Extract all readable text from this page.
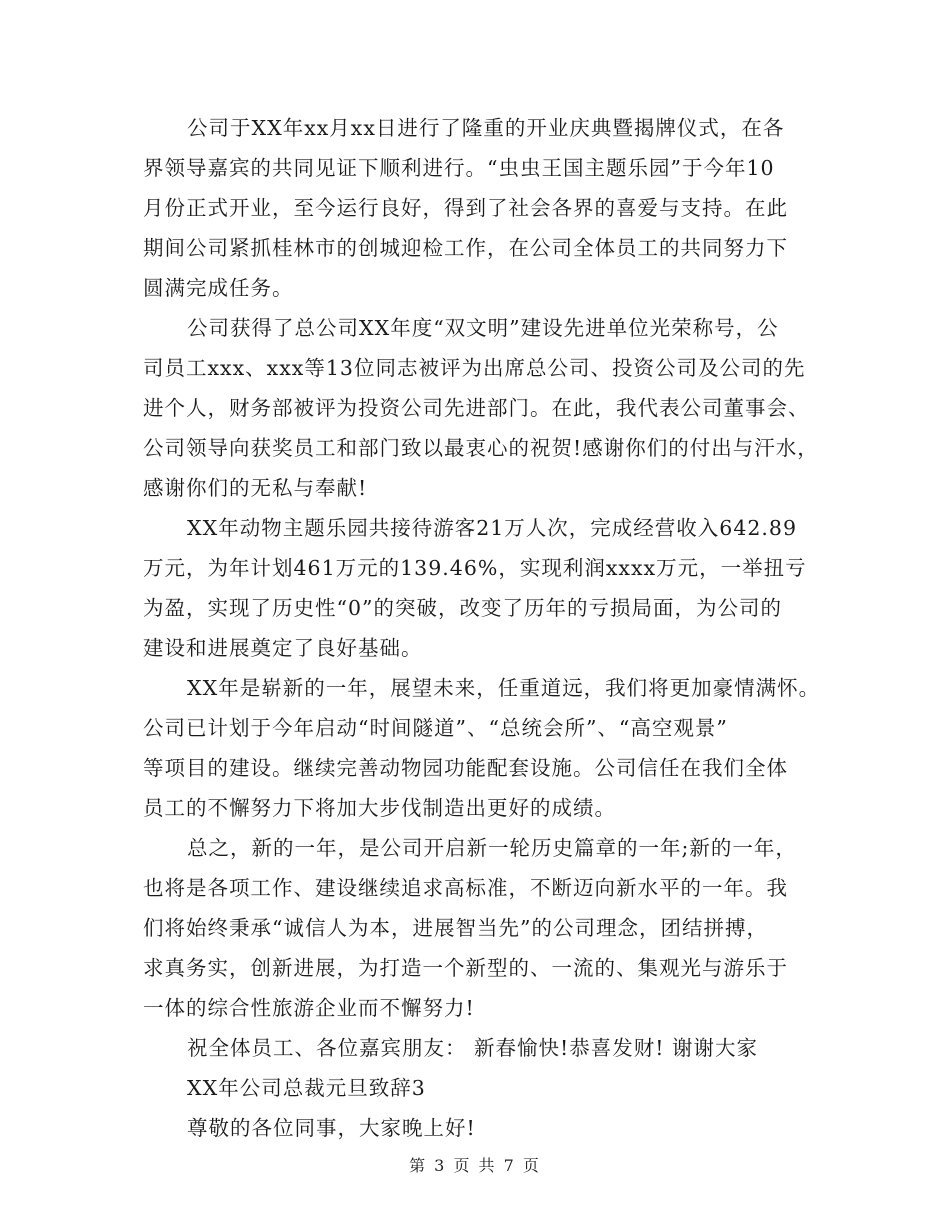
公司于XX年xx月xx日进行了隆重的开业庆典暨揭牌仪式，在各
界领导嘉宾的共同见证下顺利进行。“虫虫王国主题乐园”于今年10
月份正式开业，至今运行良好，得到了社会各界的喜爱与支持。在此
期间公司紧抓桂林市的创城迎检工作，在公司全体员工的共同努力下
圆满完成任务。
公司获得了总公司XX年度“双文明”建设先进单位光荣称号，公
司员工xxx、xxx等13位同志被评为出席总公司、投资公司及公司的先
进个人，财务部被评为投资公司先进部门。在此，我代表公司董事会、
公司领导向获奖员工和部门致以最衷心的祝贺!感谢你们的付出与汗水，
感谢你们的无私与奉献!
XX年动物主题乐园共接待游客21万人次，完成经营收入642.89
万元，为年计划461万元的139.46%，实现利润xxxx万元，一举扭亏
为盈，实现了历史性“0”的突破，改变了历年的亏损局面，为公司的
建设和进展奠定了良好基础。
XX年是崭新的一年，展望未来，任重道远，我们将更加豪情满怀。
公司已计划于今年启动“时间隧道”、“总统会所”、“高空观景”
等项目的建设。继续完善动物园功能配套设施。公司信任在我们全体
员工的不懈努力下将加大步伐制造出更好的成绩。
总之，新的一年，是公司开启新一轮历史篇章的一年;新的一年，
也将是各项工作、建设继续追求高标准，不断迈向新水平的一年。我
们将始终秉承“诚信人为本，进展智当先”的公司理念，团结拼搏，
求真务实，创新进展，为打造一个新型的、一流的、集观光与游乐于
一体的综合性旅游企业而不懈努力!
祝全体员工、各位嘉宾朋友： 新春愉快!恭喜发财! 谢谢大家
XX年公司总裁元旦致辞3
尊敬的各位同事，大家晚上好!
第 3 页 共 7 页
